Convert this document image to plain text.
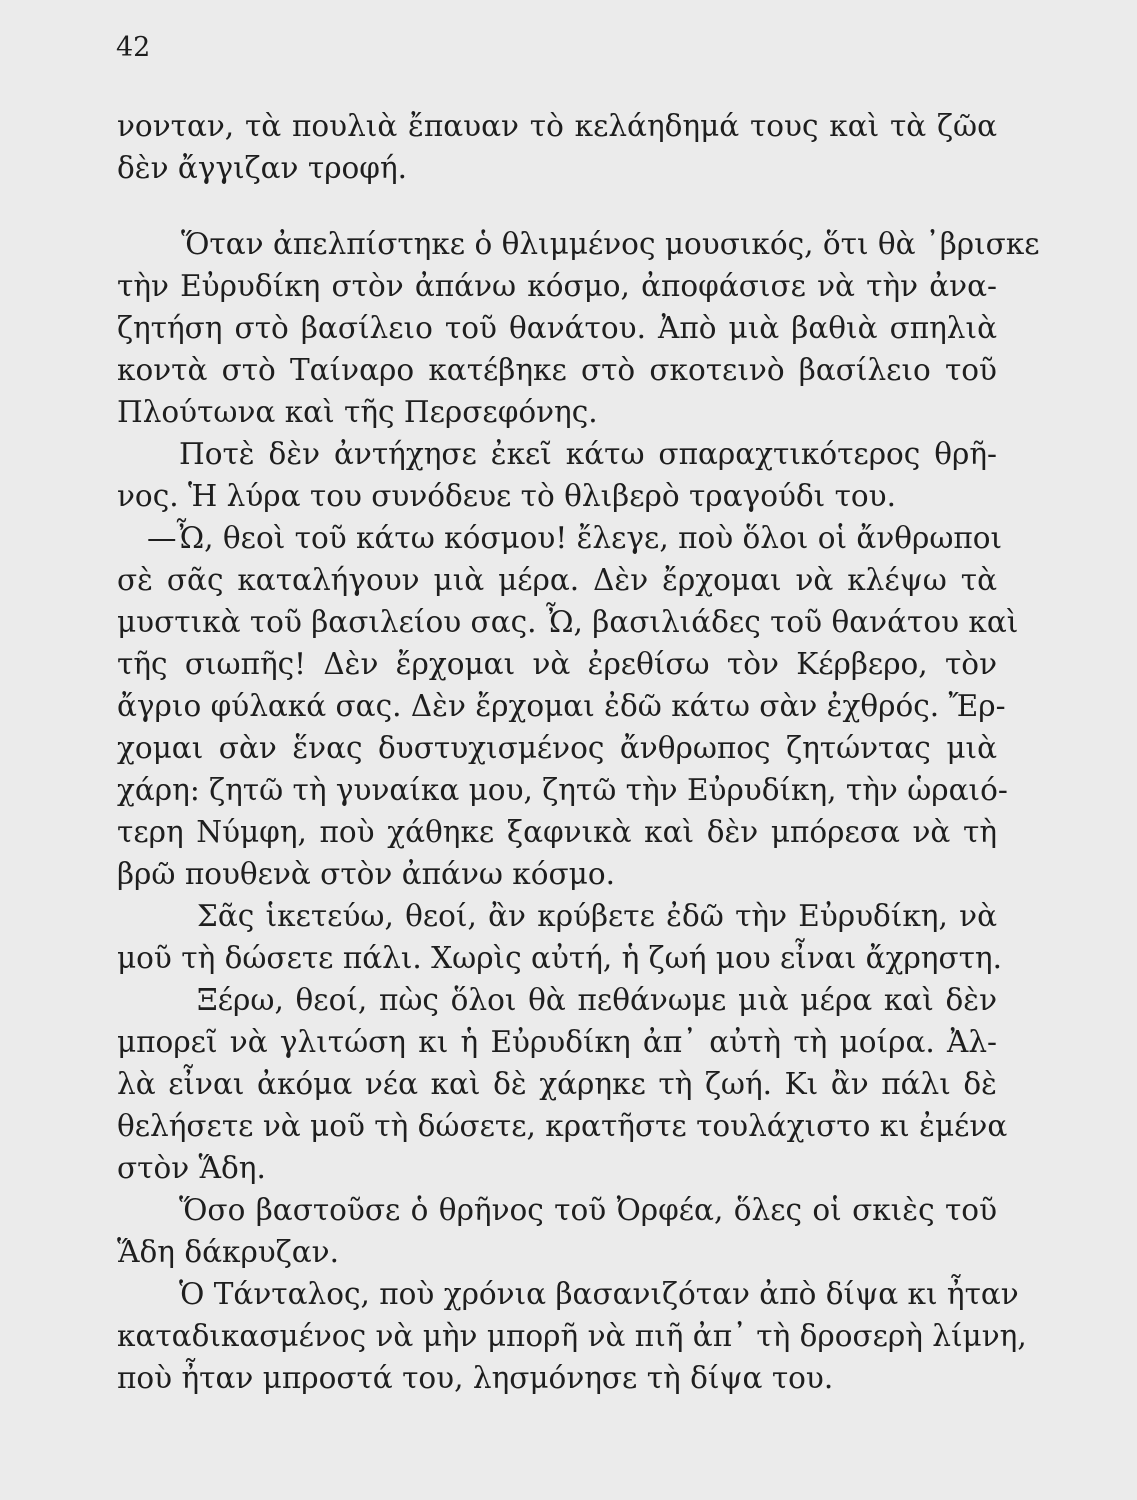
42

νονταν, τὰ πουλιὰ ἔπαυαν τὸ κελάηδημά τους καὶ τὰ ζῶα

δὲν ἄγγιζαν τροφή.

Ὅταν ἀπελπίστηκε ὁ θλιμμένος μουσικός, ὅτι θὰ ᾿βρισκε

τὴν Εὐρυδίκη στὸν ἀπάνω κόσμο, ἀποφάσισε νὰ τὴν ἀνα-

ζητήση στὸ βασίλειο τοῦ θανάτου. Ἀπὸ μιὰ βαθιὰ σπηλιὰ

κοντὰ στὸ Ταίναρο κατέβηκε στὸ σκοτεινὸ βασίλειο τοῦ

Πλούτωνα καὶ τῆς Περσεφόνης.

Ποτὲ δὲν ἀντήχησε ἐκεῖ κάτω σπαραχτικότερος θρῆ-

νος. Ἡ λύρα του συνόδευε τὸ θλιβερὸ τραγούδι του.

—Ὦ, θεοὶ τοῦ κάτω κόσμου! ἔλεγε, ποὺ ὅλοι οἱ ἄνθρωποι

σὲ σᾶς καταλήγουν μιὰ μέρα. Δὲν ἔρχομαι νὰ κλέψω τὰ

μυστικὰ τοῦ βασιλείου σας. Ὦ, βασιλιάδες τοῦ θανάτου καὶ

τῆς σιωπῆς! Δὲν ἔρχομαι νὰ ἐρεθίσω τὸν Κέρβερο, τὸν

ἄγριο φύλακά σας. Δὲν ἔρχομαι ἐδῶ κάτω σὰν ἐχθρός. Ἔρ-

χομαι σὰν ἕνας δυστυχισμένος ἄνθρωπος ζητώντας μιὰ

χάρη: ζητῶ τὴ γυναίκα μου, ζητῶ τὴν Εὐρυδίκη, τὴν ὡραιό-

τερη Νύμφη, ποὺ χάθηκε ξαφνικὰ καὶ δὲν μπόρεσα νὰ τὴ

βρῶ πουθενὰ στὸν ἀπάνω κόσμο.

Σᾶς ἱκετεύω, θεοί, ἂν κρύβετε ἐδῶ τὴν Εὐρυδίκη, νὰ

μοῦ τὴ δώσετε πάλι. Χωρὶς αὐτή, ἡ ζωή μου εἶναι ἄχρηστη.

Ξέρω, θεοί, πὼς ὅλοι θὰ πεθάνωμε μιὰ μέρα καὶ δὲν

μπορεῖ νὰ γλιτώση κι ἡ Εὐρυδίκη ἀπ᾿ αὐτὴ τὴ μοίρα. Ἀλ-

λὰ εἶναι ἀκόμα νέα καὶ δὲ χάρηκε τὴ ζωή. Κι ἂν πάλι δὲ

θελήσετε νὰ μοῦ τὴ δώσετε, κρατῆστε τουλάχιστο κι ἐμένα

στὸν Ἅδη.

Ὅσο βαστοῦσε ὁ θρῆνος τοῦ Ὀρφέα, ὅλες οἱ σκιὲς τοῦ

Ἅδη δάκρυζαν.

Ὁ Τάνταλος, ποὺ χρόνια βασανιζόταν ἀπὸ δίψα κι ἦταν

καταδικασμένος νὰ μὴν μπορῆ νὰ πιῆ ἀπ᾿ τὴ δροσερὴ λίμνη,

ποὺ ἦταν μπροστά του, λησμόνησε τὴ δίψα του.
